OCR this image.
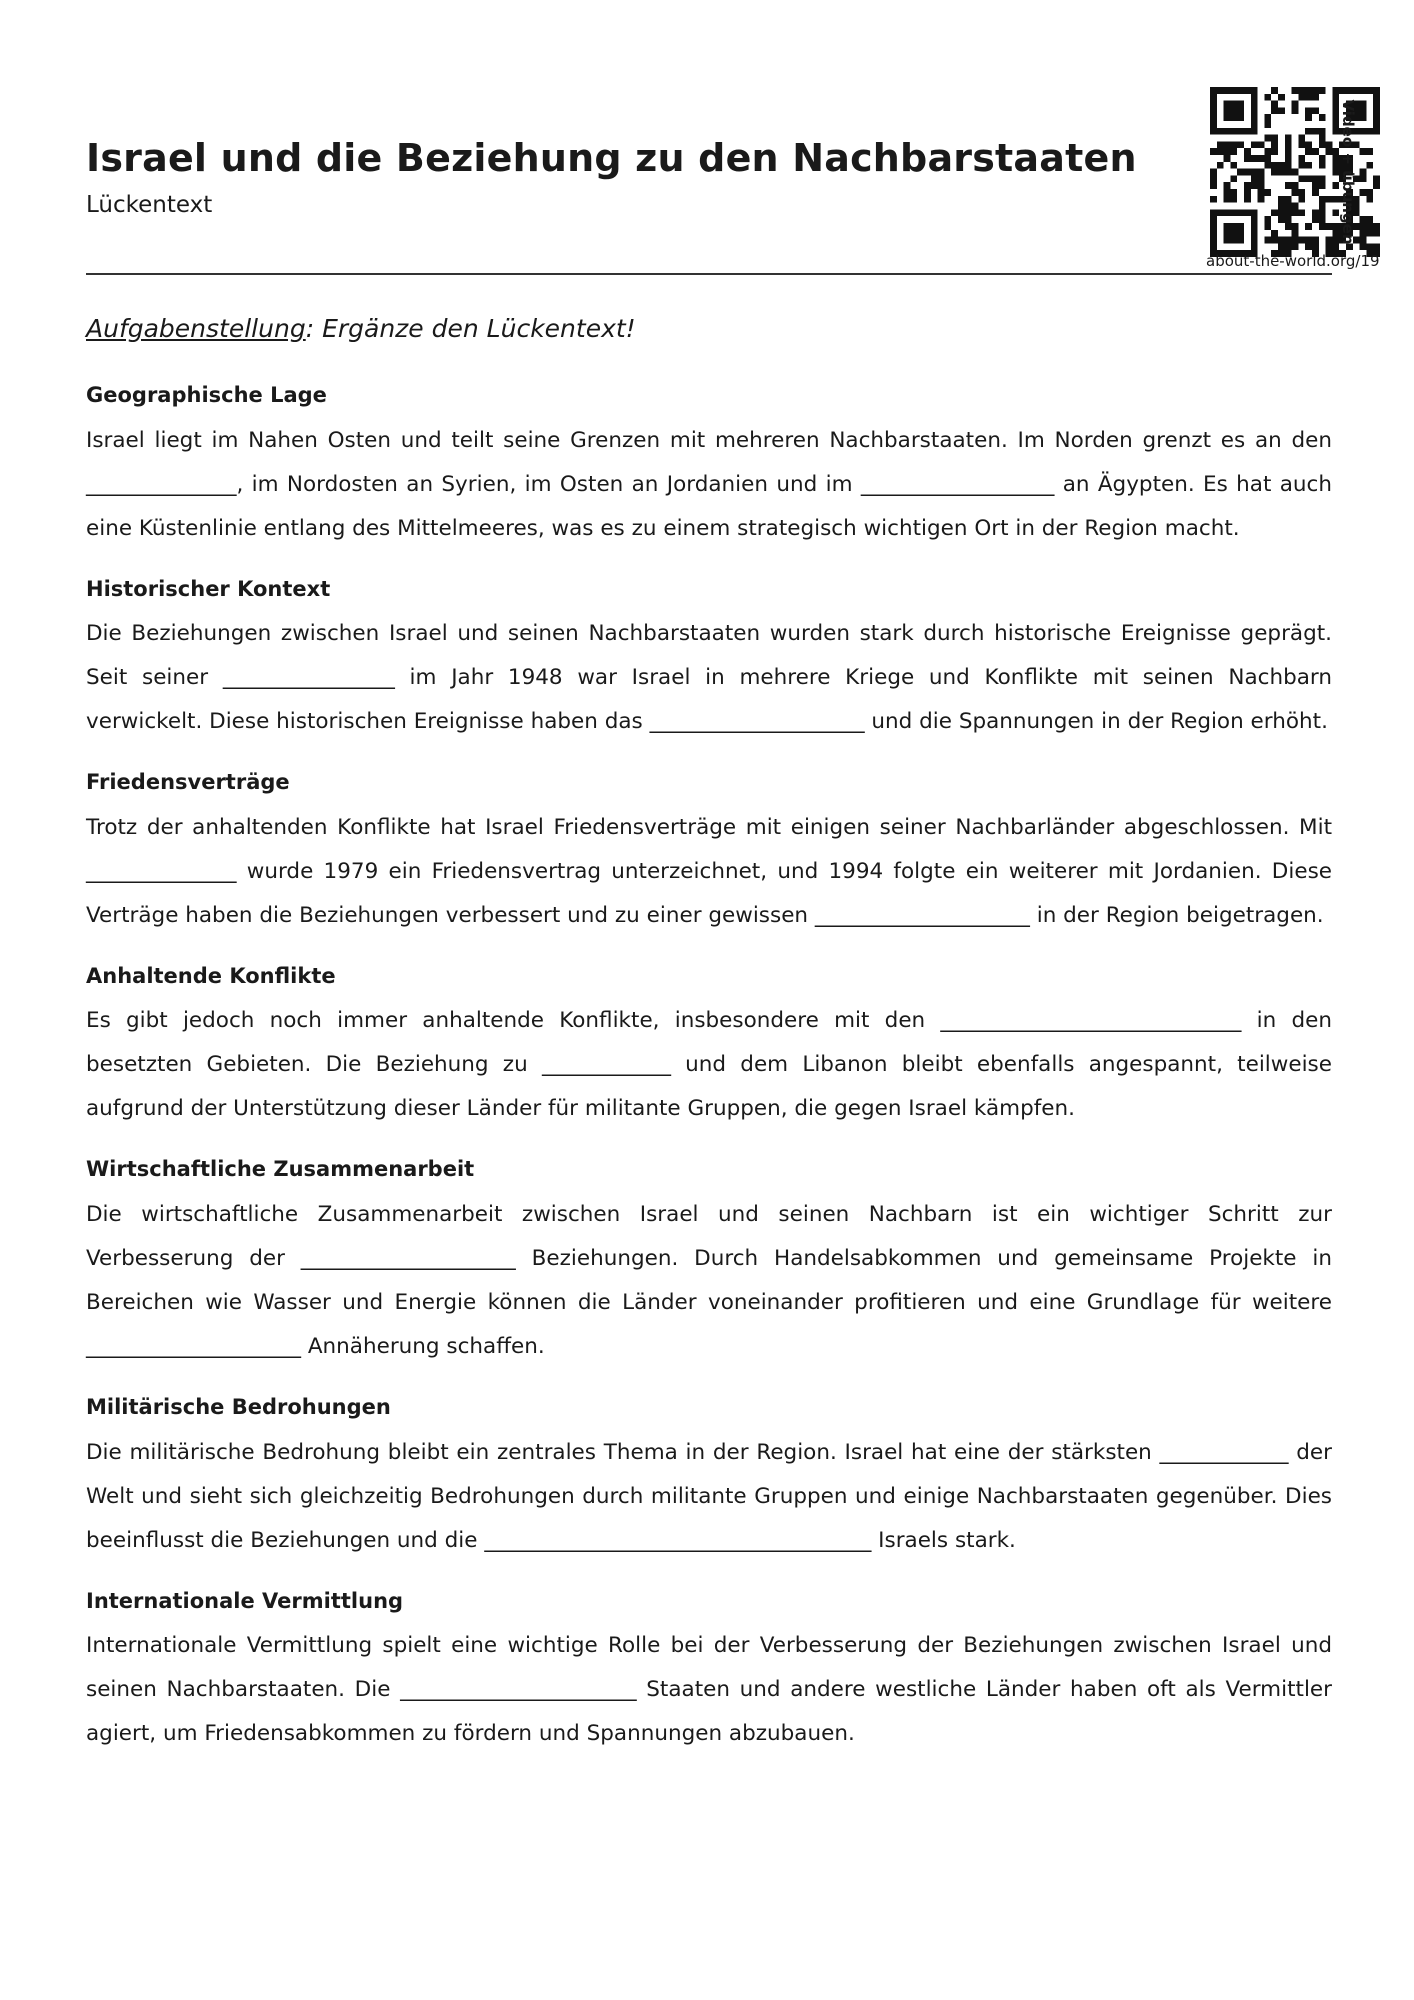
Israel und die Beziehung zu den Nachbarstaaten
Lückentext
about-the-world.org/19
Video + übungen
Aufgabenstellung: Ergänze den Lückentext!
Geographische Lage

Israel liegt im Nahen Osten und teilt seine Grenzen mit mehreren Nachbarstaaten. Im Norden grenzt es an den ______________, im Nordosten an Syrien, im Osten an Jordanien und im __________________ an Ägypten. Es hat auch eine Küstenlinie entlang des Mittelmeeres, was es zu einem strategisch wichtigen Ort in der Region macht.

Historischer Kontext

Die Beziehungen zwischen Israel und seinen Nachbarstaaten wurden stark durch historische Ereignisse geprägt. Seit seiner ________________ im Jahr 1948 war Israel in mehrere Kriege und Konflikte mit seinen Nachbarn verwickelt. Diese historischen Ereignisse haben das ____________________ und die Spannungen in der Region erhöht.

Friedensverträge

Trotz der anhaltenden Konflikte hat Israel Friedensverträge mit einigen seiner Nachbarländer abgeschlossen. Mit ______________ wurde 1979 ein Friedensvertrag unterzeichnet, und 1994 folgte ein weiterer mit Jordanien. Diese Verträge haben die Beziehungen verbessert und zu einer gewissen ____________________ in der Region beigetragen.

Anhaltende Konflikte

Es gibt jedoch noch immer anhaltende Konflikte, insbesondere mit den ____________________________ in den besetzten Gebieten. Die Beziehung zu ____________ und dem Libanon bleibt ebenfalls angespannt, teilweise aufgrund der Unterstützung dieser Länder für militante Gruppen, die gegen Israel kämpfen.

Wirtschaftliche Zusammenarbeit

Die wirtschaftliche Zusammenarbeit zwischen Israel und seinen Nachbarn ist ein wichtiger Schritt zur Verbesserung der ____________________ Beziehungen. Durch Handelsabkommen und gemeinsame Projekte in Bereichen wie Wasser und Energie können die Länder voneinander profitieren und eine Grundlage für weitere ____________________ Annäherung schaffen.

Militärische Bedrohungen

Die militärische Bedrohung bleibt ein zentrales Thema in der Region. Israel hat eine der stärksten ____________ der Welt und sieht sich gleichzeitig Bedrohungen durch militante Gruppen und einige Nachbarstaaten gegenüber. Dies beeinflusst die Beziehungen und die ____________________________________ Israels stark.

Internationale Vermittlung

Internationale Vermittlung spielt eine wichtige Rolle bei der Verbesserung der Beziehungen zwischen Israel und seinen Nachbarstaaten. Die ______________________ Staaten und andere westliche Länder haben oft als Vermittler agiert, um Friedensabkommen zu fördern und Spannungen abzubauen.
